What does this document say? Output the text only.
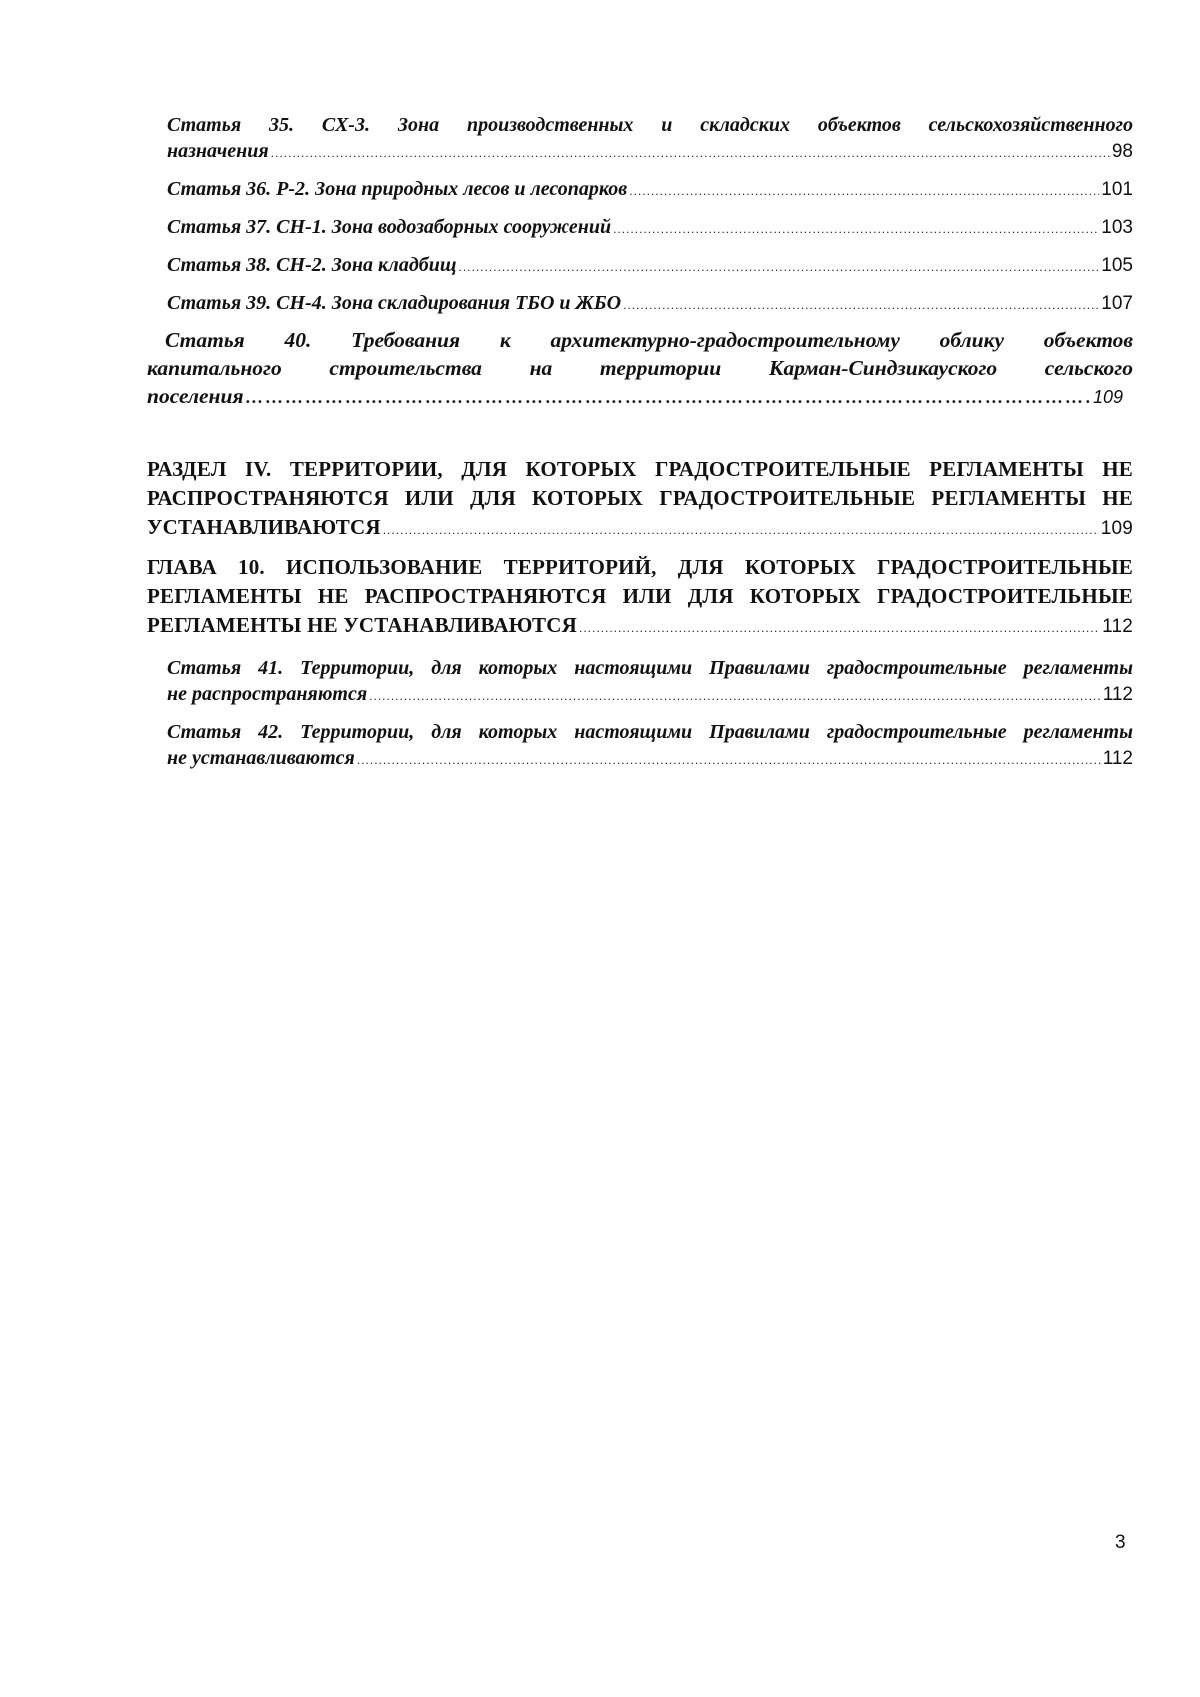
Статья 35. СХ-3. Зона производственных и складских объектов сельскохозяйственного
назначения .....	98
Статья 36. Р-2. Зона природных лесов и лесопарков .....	101
Статья 37. СН-1. Зона водозаборных сооружений .....	103
Статья 38. СН-2. Зона кладбищ .....	105
Статья 39. СН-4. Зона складирования ТБО и ЖБО .....	107
Статья 40. Требования к архитектурно-градостроительному облику объектов
капитального строительства на территории Карман-Синдзикауского сельского
поселения ……………………………………………………………………………………………………………………………………………	109
РАЗДЕЛ IV. ТЕРРИТОРИИ, ДЛЯ КОТОРЫХ ГРАДОСТРОИТЕЛЬНЫЕ РЕГЛАМЕНТЫ НЕ
РАСПРОСТРАНЯЮТСЯ ИЛИ ДЛЯ КОТОРЫХ ГРАДОСТРОИТЕЛЬНЫЕ РЕГЛАМЕНТЫ НЕ
УСТАНАВЛИВАЮТСЯ .....	109
ГЛАВА 10. ИСПОЛЬЗОВАНИЕ ТЕРРИТОРИЙ, ДЛЯ КОТОРЫХ ГРАДОСТРОИТЕЛЬНЫЕ
РЕГЛАМЕНТЫ НЕ РАСПРОСТРАНЯЮТСЯ ИЛИ ДЛЯ КОТОРЫХ ГРАДОСТРОИТЕЛЬНЫЕ
РЕГЛАМЕНТЫ НЕ УСТАНАВЛИВАЮТСЯ .....	112
Статья 41. Территории, для которых настоящими Правилами градостроительные регламенты
не распространяются .....	112
Статья 42. Территории, для которых настоящими Правилами градостроительные регламенты
не устанавливаются .....	112
3
